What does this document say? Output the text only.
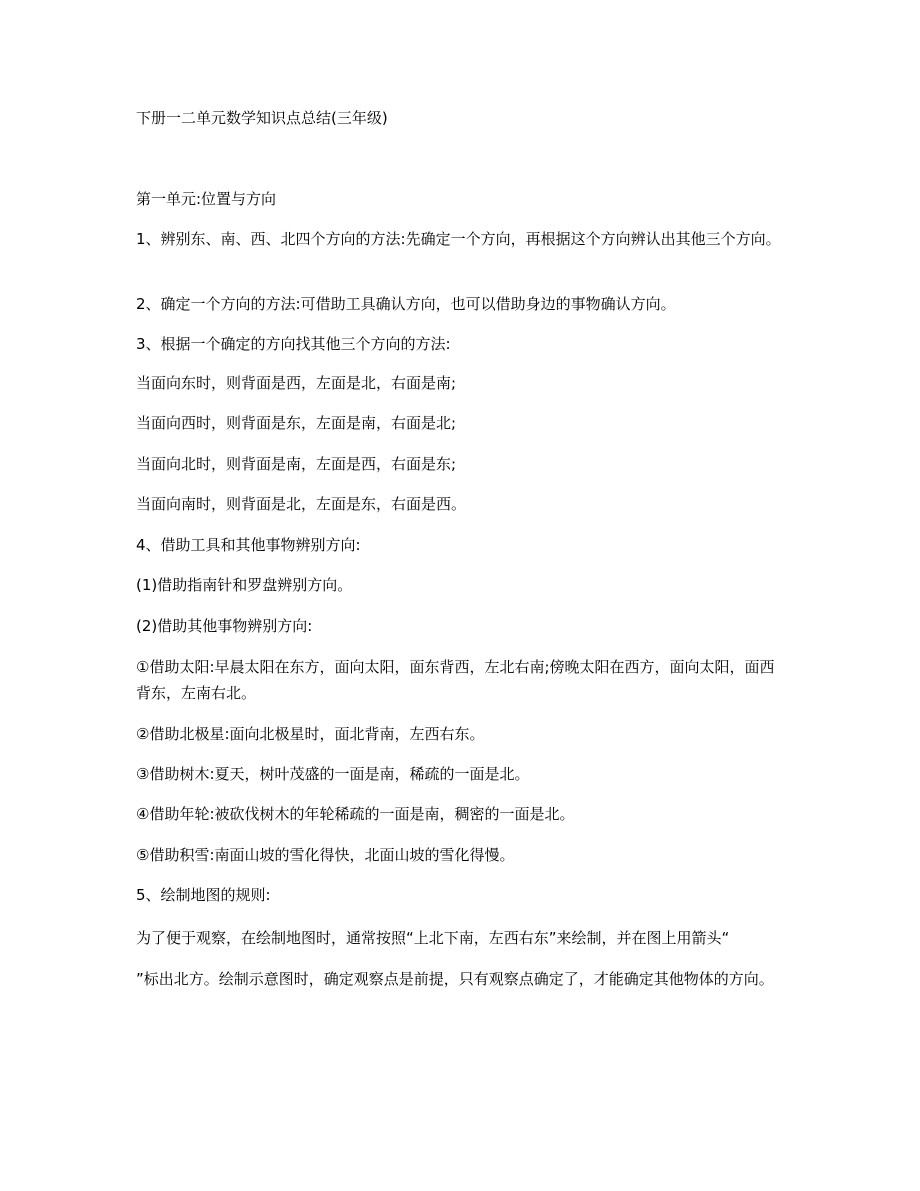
下册一二单元数学知识点总结(三年级)
第一单元:位置与方向
1、辨别东、南、西、北四个方向的方法:先确定一个方向，再根据这个方向辨认出其他三个方向。
2、确定一个方向的方法:可借助工具确认方向，也可以借助身边的事物确认方向。
3、根据一个确定的方向找其他三个方向的方法:
当面向东时，则背面是西，左面是北，右面是南;
当面向西时，则背面是东，左面是南，右面是北;
当面向北时，则背面是南，左面是西，右面是东;
当面向南时，则背面是北，左面是东，右面是西。
4、借助工具和其他事物辨别方向:
(1)借助指南针和罗盘辨别方向。
(2)借助其他事物辨别方向:
①借助太阳:早晨太阳在东方，面向太阳，面东背西，左北右南;傍晚太阳在西方，面向太阳，面西背东，左南右北。
②借助北极星:面向北极星时，面北背南，左西右东。
③借助树木:夏天，树叶茂盛的一面是南，稀疏的一面是北。
④借助年轮:被砍伐树木的年轮稀疏的一面是南，稠密的一面是北。
⑤借助积雪:南面山坡的雪化得快，北面山坡的雪化得慢。
5、绘制地图的规则:
为了便于观察，在绘制地图时，通常按照“上北下南，左西右东”来绘制，并在图上用箭头“
”标出北方。绘制示意图时，确定观察点是前提，只有观察点确定了，才能确定其他物体的方向。
